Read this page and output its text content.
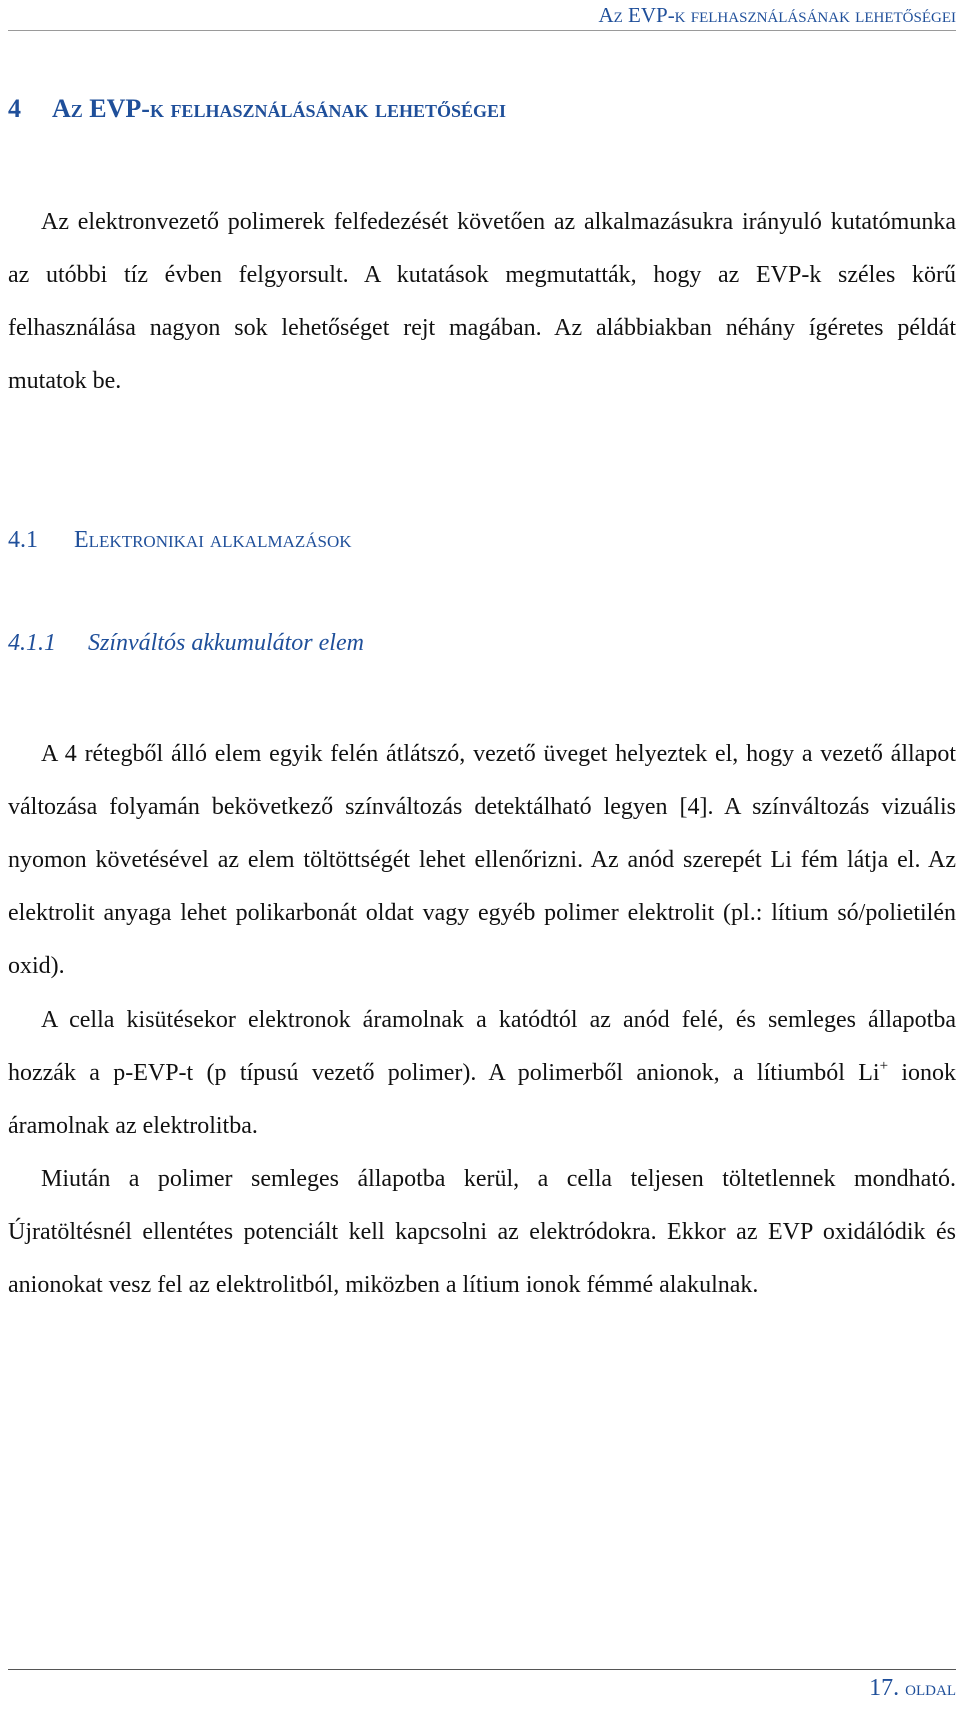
Az EVP-k felhasználásának lehetőségei
4 Az EVP-k felhasználásának lehetőségei

Az elektronvezető polimerek felfedezését követően az alkalmazásukra irányuló kutatómunka az utóbbi tíz évben felgyorsult. A kutatások megmutatták, hogy az EVP-k széles körű felhasználása nagyon sok lehetőséget rejt magában. Az alábbiakban néhány ígéretes példát mutatok be.

4.1 Elektronikai alkalmazások
4.1.1 Színváltós akkumulátor elem

A 4 rétegből álló elem egyik felén átlátszó, vezető üveget helyeztek el, hogy a vezető állapot változása folyamán bekövetkező színváltozás detektálható legyen [4]. A színváltozás vizuális nyomon követésével az elem töltöttségét lehet ellenőrizni. Az anód szerepét Li fém látja el. Az elektrolit anyaga lehet polikarbonát oldat vagy egyéb polimer elektrolit (pl.: lítium só/polietilén oxid).

A cella kisütésekor elektronok áramolnak a katódtól az anód felé, és semleges állapotba hozzák a p-EVP-t (p típusú vezető polimer). A polimerből anionok, a lítiumból Li+ ionok áramolnak az elektrolitba.

Miután a polimer semleges állapotba kerül, a cella teljesen töltetlennek mondható. Újratöltésnél ellentétes potenciált kell kapcsolni az elektródokra. Ekkor az EVP oxidálódik és anionokat vesz fel az elektrolitból, miközben a lítium ionok fémmé alakulnak.

17. oldal
